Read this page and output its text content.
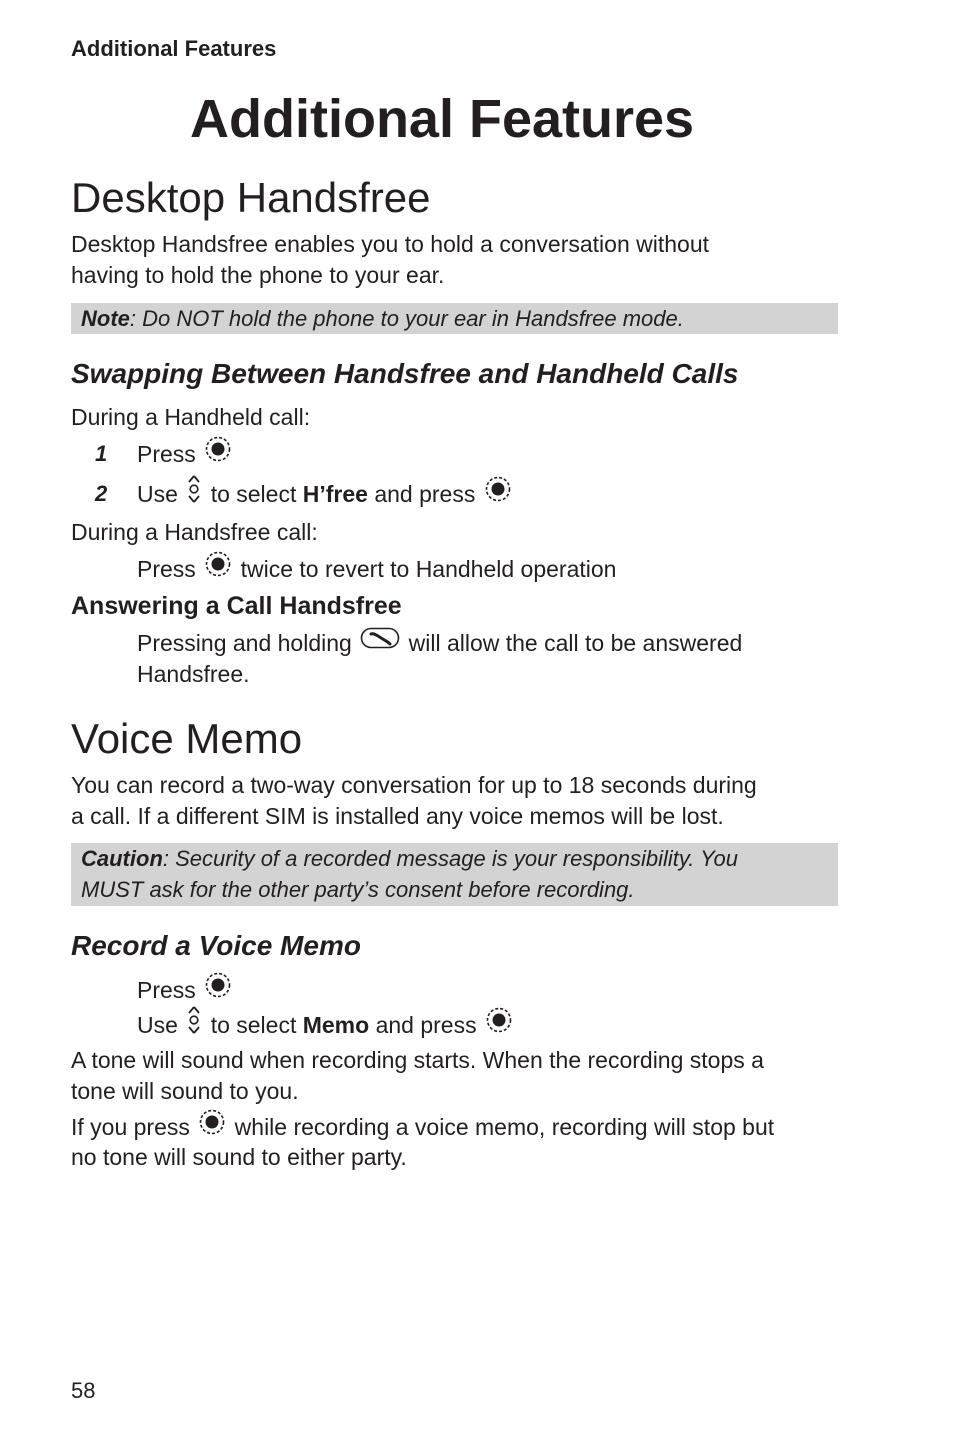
Additional Features
Additional Features
Desktop Handsfree
Desktop Handsfree enables you to hold a conversation without
having to hold the phone to your ear.
Note: Do NOT hold the phone to your ear in Handsfree mode.
Swapping Between Handsfree and Handheld Calls
During a Handheld call:
1 Press
2 Use to select H’free and press
During a Handsfree call:
Press twice to revert to Handheld operation
Answering a Call Handsfree
Pressing and holding will allow the call to be answered
Handsfree.
Voice Memo
You can record a two-way conversation for up to 18 seconds during
a call. If a different SIM is installed any voice memos will be lost.
Caution: Security of a recorded message is your responsibility. You
MUST ask for the other party’s consent before recording.
Record a Voice Memo
Press
Use to select Memo and press
A tone will sound when recording starts. When the recording stops a
tone will sound to you.
If you press while recording a voice memo, recording will stop but
no tone will sound to either party.
58
